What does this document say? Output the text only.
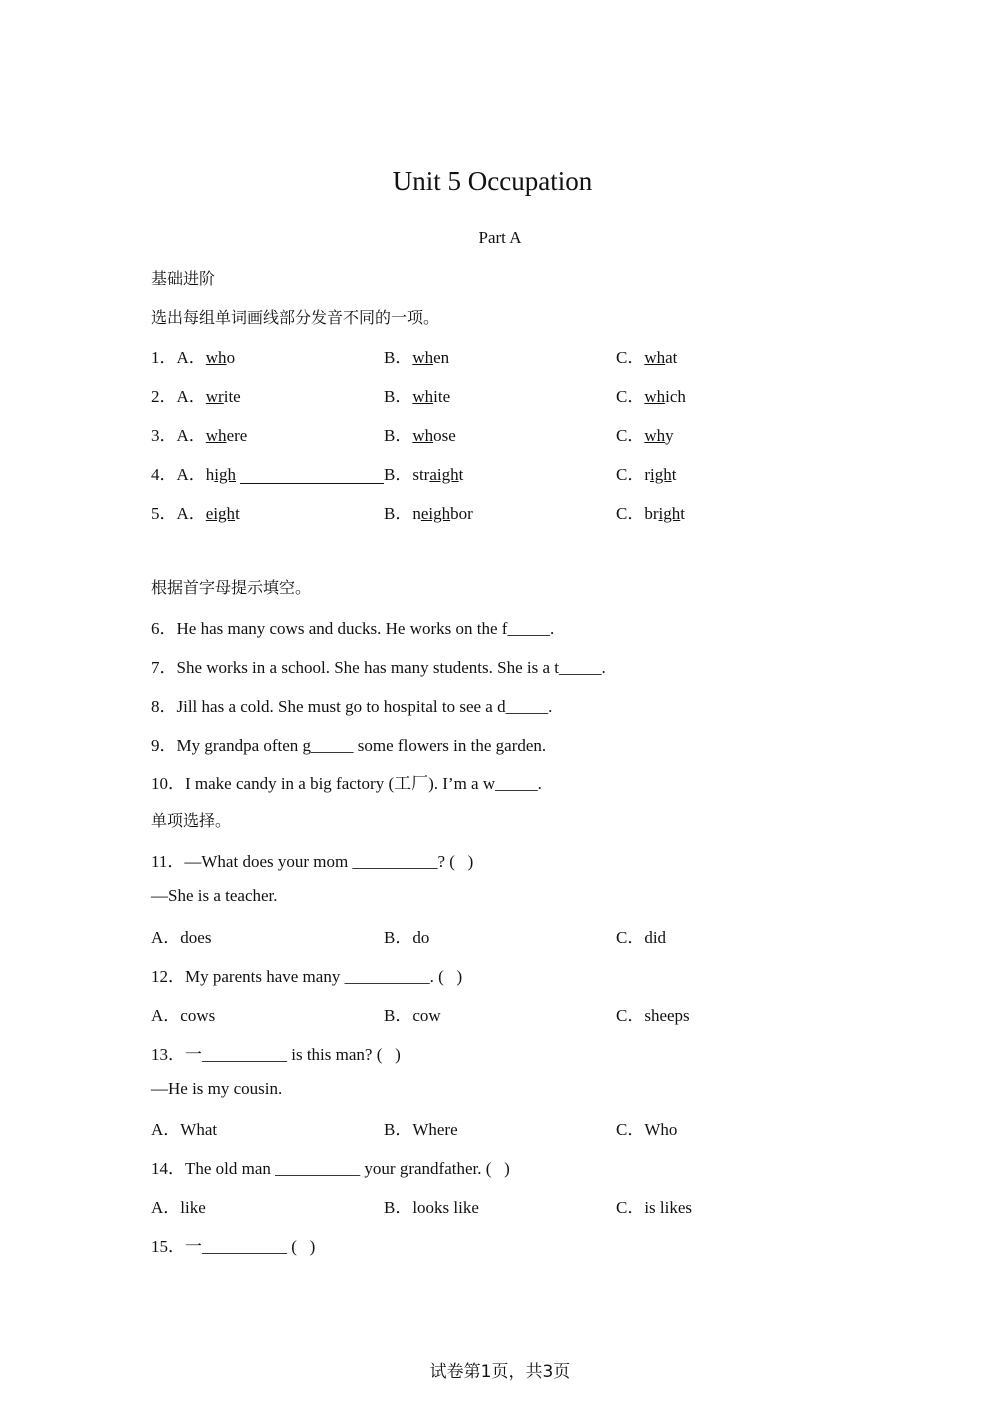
Unit 5 Occupation
Part A
基础进阶
选出每组单词画线部分发音不同的一项。
1．A．who	B．when	C．what
2．A．write	B．white	C．which
3．A．where	B．whose	C．why
4．A．high	B．straight	C．right
5．A．eight	B．neighbor	C．bright
根据首字母提示填空。
6．He has many cows and ducks. He works on the f_____.
7．She works in a school. She has many students. She is a t_____.
8．Jill has a cold. She must go to hospital to see a d_____.
9．My grandpa often g_____ some flowers in the garden.
10．I make candy in a big factory (工厂). I’m a w_____.
单项选择。
11．—What does your mom __________? (   )
—She is a teacher.
A．does	B．do	C．did
12．My parents have many __________. (   )
A．cows	B．cow	C．sheeps
13．一__________ is this man? (   )
—He is my cousin.
A．What	B．Where	C．Who
14．The old man __________ your grandfather. (   )
A．like	B．looks like	C．is likes
15．一__________ (   )
试卷第1页，共3页
